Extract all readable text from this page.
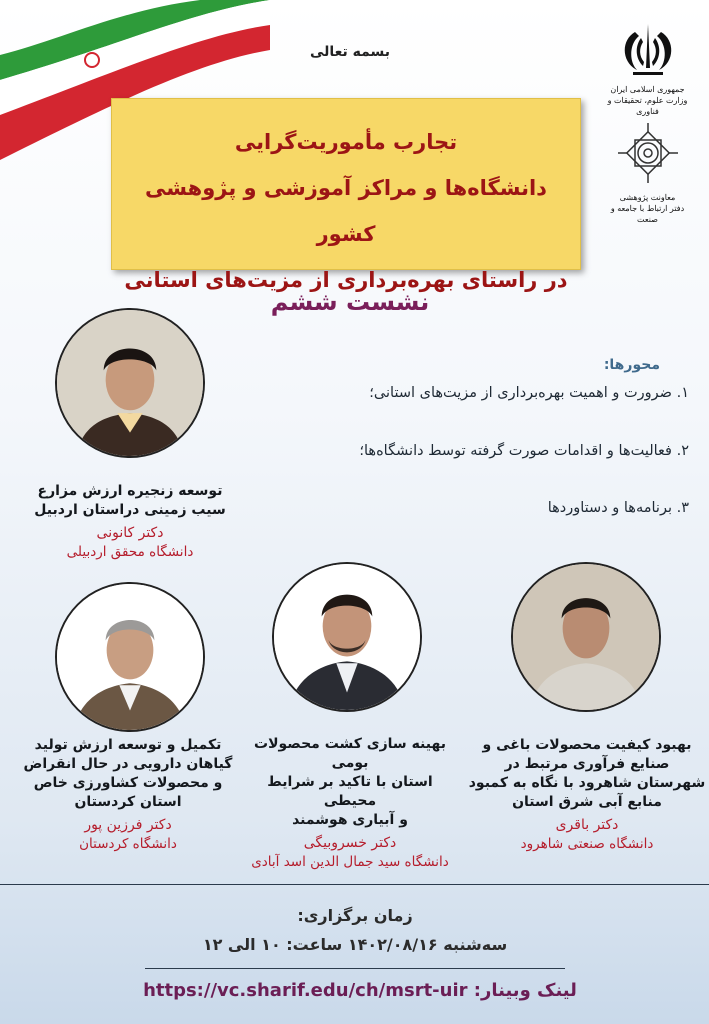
بسمه تعالی
جمهوری اسلامی ایران
وزارت علوم، تحقیقات و فناوری
معاونت پژوهشی
دفتر ارتباط با جامعه و صنعت
تجارب مأموریت‌گرایی
دانشگاه‌ها و مراکز آموزشی و پژوهشی کشور
در راستای بهره‌برداری از مزیت‌های استانی
نشست ششم
محورها:
۱. ضرورت و اهمیت بهره‌برداری از مزیت‌های استانی؛
۲. فعالیت‌ها و اقدامات صورت گرفته توسط دانشگاه‌ها؛
۳. برنامه‌ها و دستاوردها
توسعه زنجیره ارزش مزارع
سیب زمینی دراستان اردبیل
دکتر کانونی
دانشگاه محقق اردبیلی
تکمیل و توسعه ارزش تولید
گیاهان دارویی در حال انقراض
و محصولات کشاورزی خاص
استان کردستان
دکتر فرزین پور
دانشگاه کردستان
بهینه سازی کشت محصولات بومی
استان با تاکید بر شرایط محیطی
و آبیاری هوشمند
دکتر خسروبیگی
دانشگاه سید جمال الدین اسد آبادی
بهبود کیفیت محصولات باغی و
صنایع فرآوری مرتبط در
شهرستان شاهرود با نگاه به کمبود
منابع آبی شرق استان
دکتر باقری
دانشگاه صنعتی شاهرود
زمان برگزاری:
سه‌شنبه ۱۴۰۲/۰۸/۱۶ ساعت: ۱۰ الی ۱۲
لینک وبینار: https://vc.sharif.edu/ch/msrt-uir
